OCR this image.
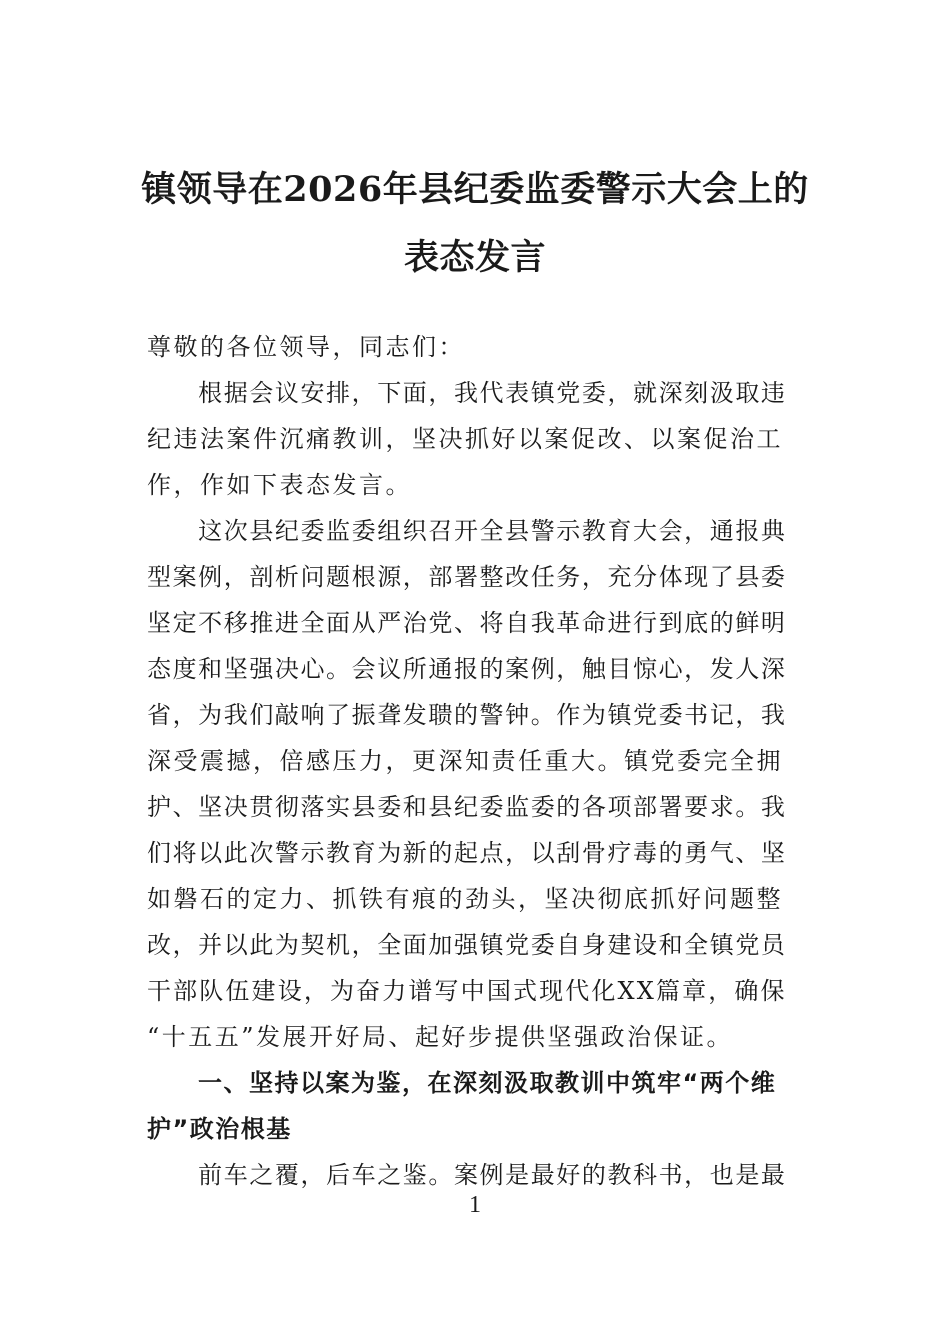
镇领导在2026年县纪委监委警示大会上的
表态发言
尊敬的各位领导，同志们：
　　根据会议安排，下面，我代表镇党委，就深刻汲取违
纪违法案件沉痛教训，坚决抓好以案促改、以案促治工
作，作如下表态发言。
　　这次县纪委监委组织召开全县警示教育大会，通报典
型案例，剖析问题根源，部署整改任务，充分体现了县委
坚定不移推进全面从严治党、将自我革命进行到底的鲜明
态度和坚强决心。会议所通报的案例，触目惊心，发人深
省，为我们敲响了振聋发聩的警钟。作为镇党委书记，我
深受震撼，倍感压力，更深知责任重大。镇党委完全拥
护、坚决贯彻落实县委和县纪委监委的各项部署要求。我
们将以此次警示教育为新的起点，以刮骨疗毒的勇气、坚
如磐石的定力、抓铁有痕的劲头，坚决彻底抓好问题整
改，并以此为契机，全面加强镇党委自身建设和全镇党员
干部队伍建设，为奋力谱写中国式现代化XX篇章，确保
“十五五”发展开好局、起好步提供坚强政治保证。
　　一、坚持以案为鉴，在深刻汲取教训中筑牢“两个维
护”政治根基
　　前车之覆，后车之鉴。案例是最好的教科书，也是最
1
